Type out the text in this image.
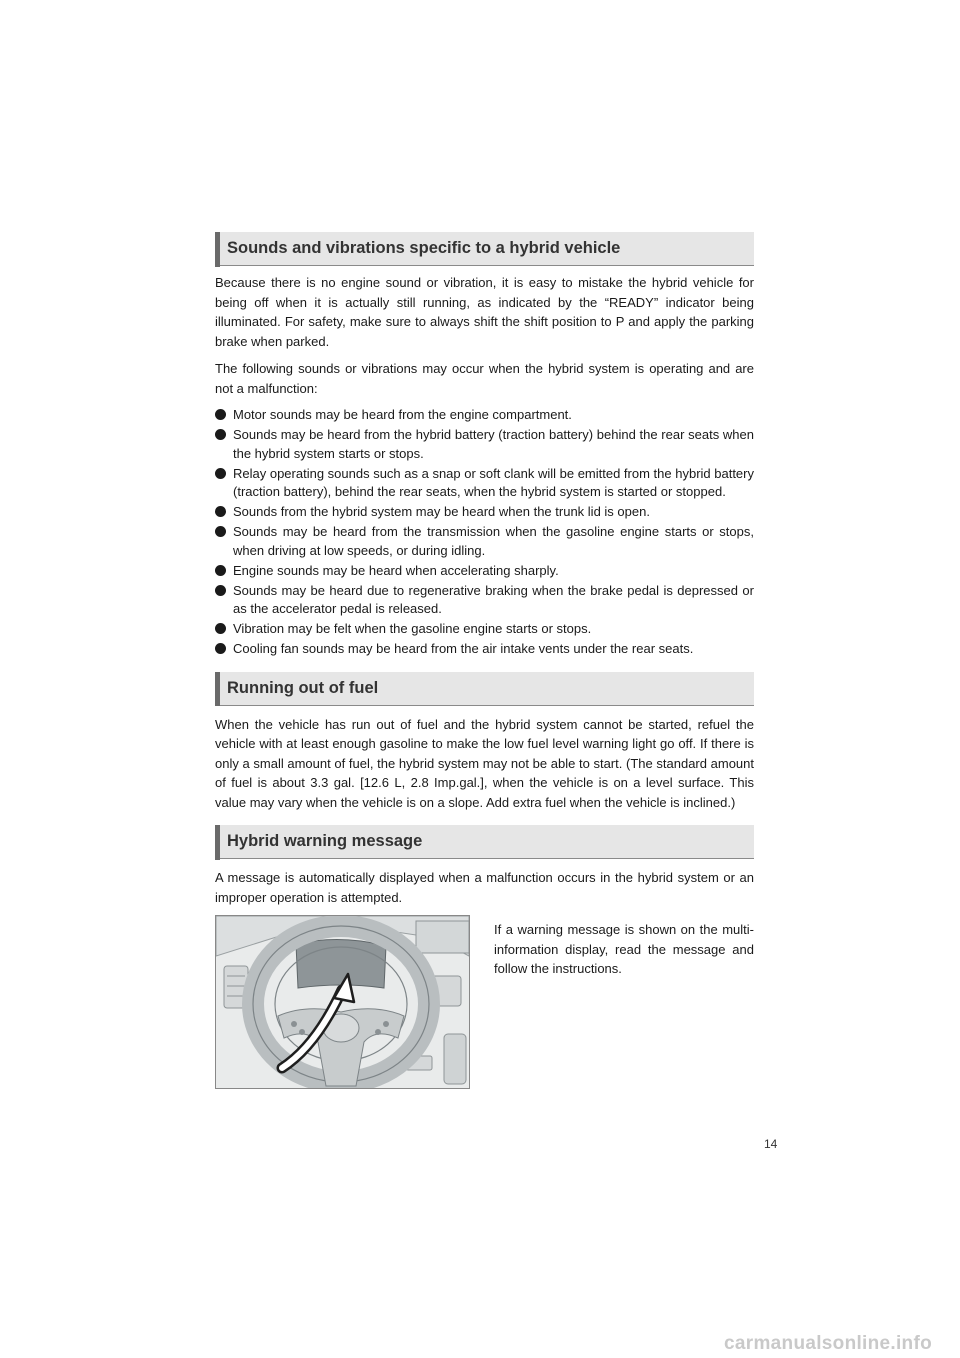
Sounds and vibrations specific to a hybrid vehicle

Because there is no engine sound or vibration, it is easy to mistake the hybrid vehicle for being off when it is actually still running, as indicated by the “READY” indicator being illuminated. For safety, make sure to always shift the shift position to P and apply the parking brake when parked.

The following sounds or vibrations may occur when the hybrid system is operating and are not a malfunction:

Motor sounds may be heard from the engine compartment.
Sounds may be heard from the hybrid battery (traction battery) behind the rear seats when the hybrid system starts or stops.
Relay operating sounds such as a snap or soft clank will be emitted from the hybrid battery (traction battery), behind the rear seats, when the hybrid system is started or stopped.
Sounds from the hybrid system may be heard when the trunk lid is open.
Sounds may be heard from the transmission when the gasoline engine starts or stops, when driving at low speeds, or during idling.
Engine sounds may be heard when accelerating sharply.
Sounds may be heard due to regenerative braking when the brake pedal is depressed or as the accelerator pedal is released.
Vibration may be felt when the gasoline engine starts or stops.
Cooling fan sounds may be heard from the air intake vents under the rear seats.
Running out of fuel

When the vehicle has run out of fuel and the hybrid system cannot be started, refuel the vehicle with at least enough gasoline to make the low fuel level warning light go off. If there is only a small amount of fuel, the hybrid system may not be able to start. (The standard amount of fuel is about 3.3 gal. [12.6 L, 2.8 Imp.gal.], when the vehicle is on a level surface. This value may vary when the vehicle is on a slope. Add extra fuel when the vehicle is inclined.)

Hybrid warning message

A message is automatically displayed when a malfunction occurs in the hybrid system or an improper operation is attempted.

If a warning message is shown on the multi-information display, read the message and follow the instructions.
14
carmanualsonline.info
